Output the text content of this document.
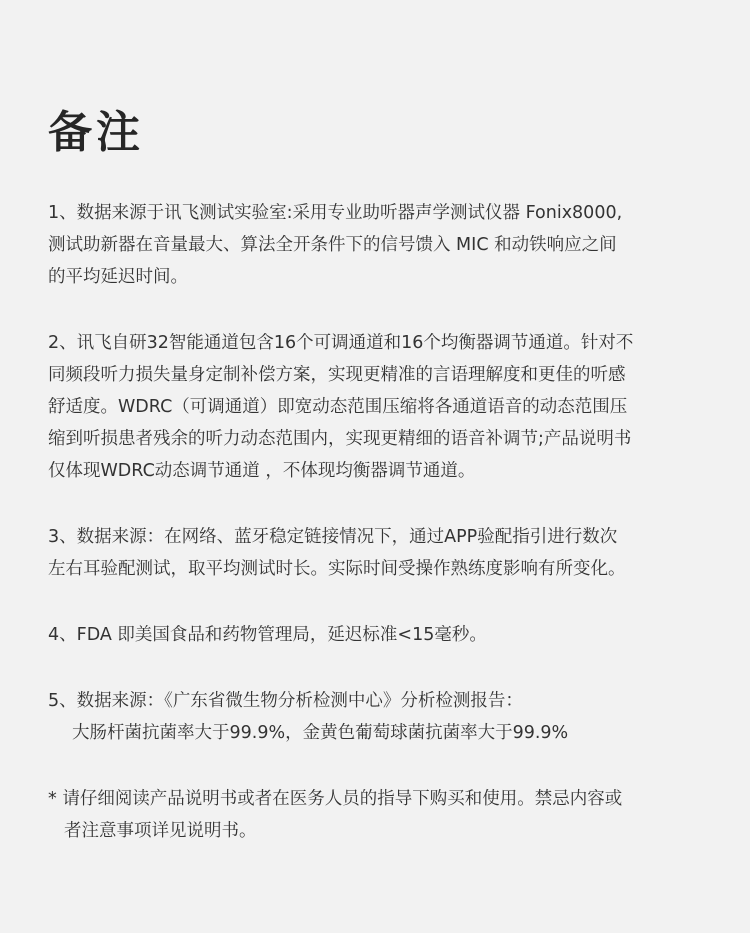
备注
1、数据来源于讯飞测试实验室:采用专业助听器声学测试仪器 Fonix8000,
测试助新器在音量最大、算法全开条件下的信号馈入 MIC 和动铁响应之间
的平均延迟时间。
2、讯飞自研32智能通道包含16个可调通道和16个均衡器调节通道。针对不
同频段听力损失量身定制补偿方案，实现更精准的言语理解度和更佳的听感
舒适度。WDRC（可调通道）即宽动态范围压缩将各通道语音的动态范围压
缩到听损患者残余的听力动态范围内，实现更精细的语音补调节;产品说明书
仅体现WDRC动态调节通道 ，不体现均衡器调节通道。
3、数据来源：在网络、蓝牙稳定链接情况下，通过APP验配指引进行数次
左右耳验配测试，取平均测试时长。实际时间受操作熟练度影响有所变化。
4、FDA 即美国食品和药物管理局，延迟标准<15毫秒。
5、数据来源：《广东省微生物分析检测中心》分析检测报告：
大肠杆菌抗菌率大于99.9%，金黄色葡萄球菌抗菌率大于99.9%
* 请仔细阅读产品说明书或者在医务人员的指导下购买和使用。禁忌内容或
者注意事项详见说明书。
